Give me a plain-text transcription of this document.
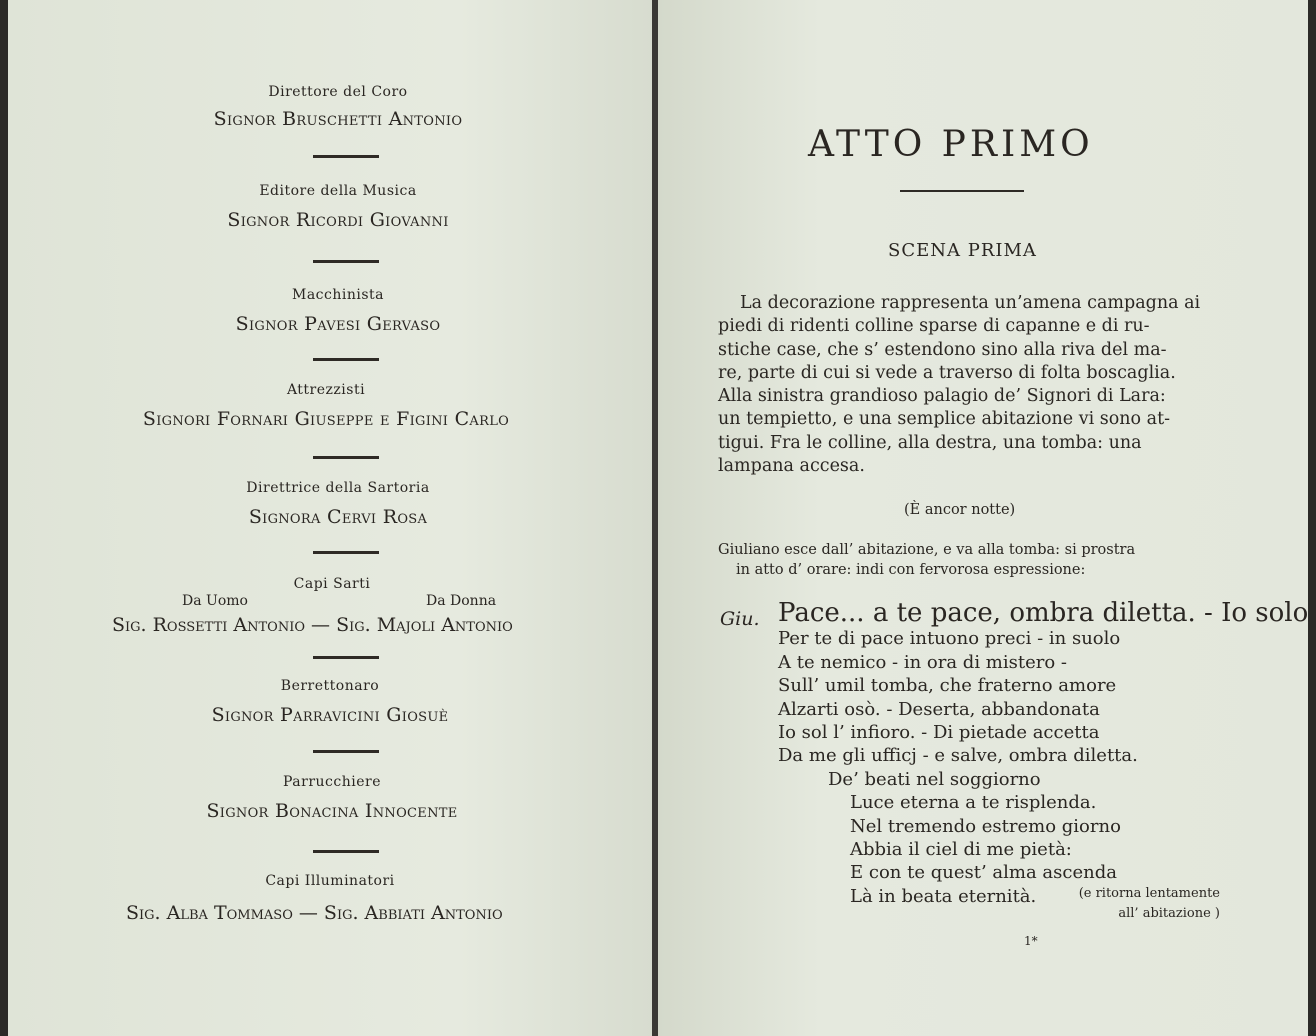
Direttore del Coro
Signor Bruschetti Antonio
Editore della Musica
Signor Ricordi Giovanni
Macchinista
Signor Pavesi Gervaso
Attrezzisti
Signori Fornari Giuseppe e Figini Carlo
Direttrice della Sartoria
Signora Cervi Rosa
Capi Sarti
Da Uomo	Da Donna
Sig. Rossetti Antonio — Sig. Majoli Antonio
Berrettonaro
Signor Parravicini Giosuè
Parrucchiere
Signor Bonacina Innocente
Capi Illuminatori
Sig. Alba Tommaso — Sig. Abbiati Antonio
ATTO PRIMO
SCENA PRIMA

La decorazione rappresenta un’amena campagna ai

piedi di ridenti colline sparse di capanne e di ru-

stiche case, che s’ estendono sino alla riva del ma-

re, parte di cui si vede a traverso di folta boscaglia.

Alla sinistra grandioso palagio de’ Signori di Lara:

un tempietto, e una semplice abitazione vi sono at-

tigui. Fra le colline, alla destra, una tomba: una

lampana accesa.

(È ancor notte)
Giuliano esce dall’ abitazione, e va alla tomba: si prostra
in atto d’ orare: indi con fervorosa espressione:
Giu. Pace... a te pace, ombra diletta. - Io solo
Per te di pace intuono preci - in suolo
A te nemico - in ora di mistero -
Sull’ umil tomba, che fraterno amore
Alzarti osò. - Deserta, abbandonata
Io sol l’ infioro. - Di pietade accetta
Da me gli ufficj - e salve, ombra diletta.
De’ beati nel soggiorno
Luce eterna a te risplenda.
Nel tremendo estremo giorno
Abbia il ciel di me pietà:
E con te quest’ alma ascenda
Là in beata eternità.	(e ritorna lentamente
all’ abitazione )
1*
